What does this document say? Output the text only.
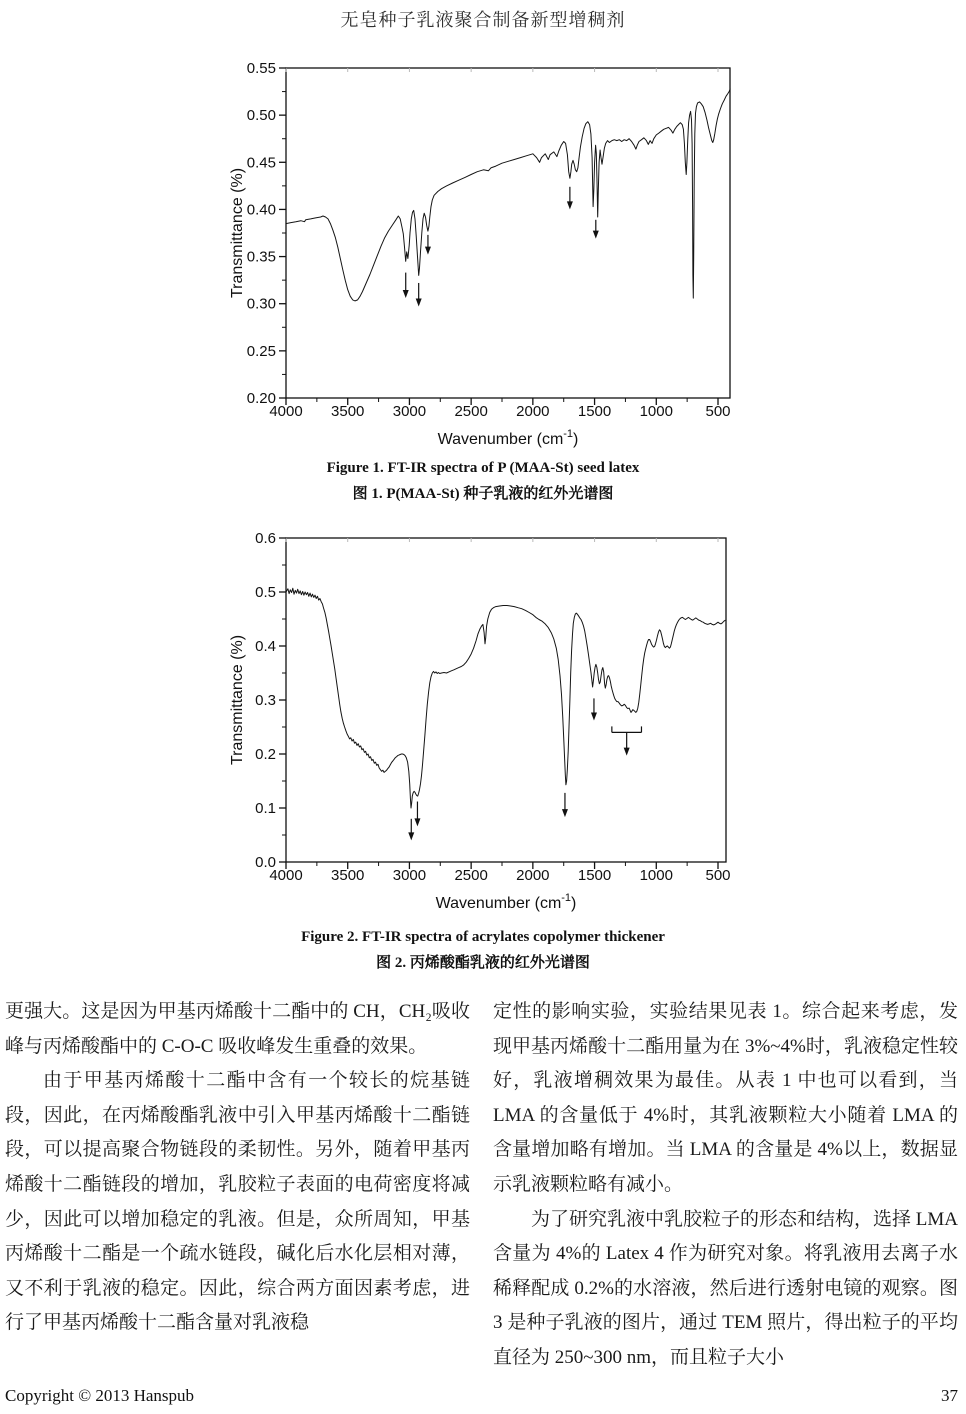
无皂种子乳液聚合制备新型增稠剂
4000 3500 3000 2500 2000 1500 1000 500
0.20
0.25
0.30
0.35
0.40
0.45
0.50
0.55
Wavenumber $(cm^{-1})$
Transmittance (%)
Figure 1. FT-IR spectra of P (MAA-St) seed latex
图 1. P(MAA-St) 种子乳液的红外光谱图
4000 3500 3000 2500 2000 1500 1000 500
0.0
0.1
0.2
0.3
0.4
0.5
0.6
Wavenumber $(cm^{-1})$
Transmittance (%)
Figure 2. FT-IR spectra of acrylates copolymer thickener
图 2. 丙烯酸酯乳液的红外光谱图

更强大。这是因为甲基丙烯酸十二酯中的 CH，CH₂吸收峰与丙烯酸酯中的 C-O-C 吸收峰发生重叠的效果。

由于甲基丙烯酸十二酯中含有一个较长的烷基链段，因此，在丙烯酸酯乳液中引入甲基丙烯酸十二酯链段，可以提高聚合物链段的柔韧性。另外，随着甲基丙烯酸十二酯链段的增加，乳胶粒子表面的电荷密度将减少，因此可以增加稳定的乳液。但是，众所周知，甲基丙烯酸十二酯是一个疏水链段，碱化后水化层相对薄，又不利于乳液的稳定。因此，综合两方面因素考虑，进行了甲基丙烯酸十二酯含量对乳液稳

定性的影响实验，实验结果见表 1。综合起来考虑，发现甲基丙烯酸十二酯用量为在 3%~4%时，乳液稳定性较好，乳液增稠效果为最佳。从表 1 中也可以看到，当 LMA 的含量低于 4%时，其乳液颗粒大小随着 LMA 的含量增加略有增加。当 LMA 的含量是 4%以上，数据显示乳液颗粒略有减小。

为了研究乳液中乳胶粒子的形态和结构，选择 LMA 含量为 4%的 Latex 4 作为研究对象。将乳液用去离子水稀释配成 0.2%的水溶液，然后进行透射电镜的观察。图 3 是种子乳液的图片，通过 TEM 照片，得出粒子的平均直径为 250~300 nm，而且粒子大小

Copyright © 2013 Hanspub	37
